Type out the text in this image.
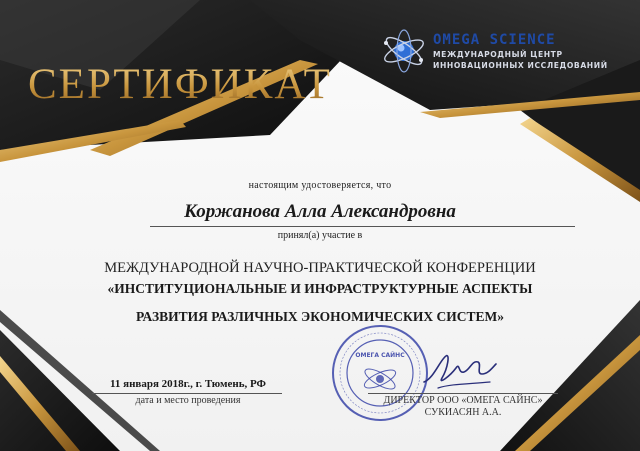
СЕРТИФИКАТ
OMEGA SCIENCE
МЕЖДУНАРОДНЫЙ ЦЕНТР
ИННОВАЦИОННЫХ ИССЛЕДОВАНИЙ
настоящим удостоверяется, что
Коржанова Алла Александровна
принял(а) участие в
МЕЖДУНАРОДНОЙ НАУЧНО-ПРАКТИЧЕСКОЙ КОНФЕРЕНЦИИ
«ИНСТИТУЦИОНАЛЬНЫЕ И ИНФРАСТРУКТУРНЫЕ АСПЕКТЫ
РАЗВИТИЯ РАЗЛИЧНЫХ ЭКОНОМИЧЕСКИХ СИСТЕМ»
ОМЕГА САЙНС
11 января 2018г., г. Тюмень, РФ
дата и место проведения	ДИРЕКТОР ООО «ОМЕГА САЙНС»
СУКИАСЯН А.А.
